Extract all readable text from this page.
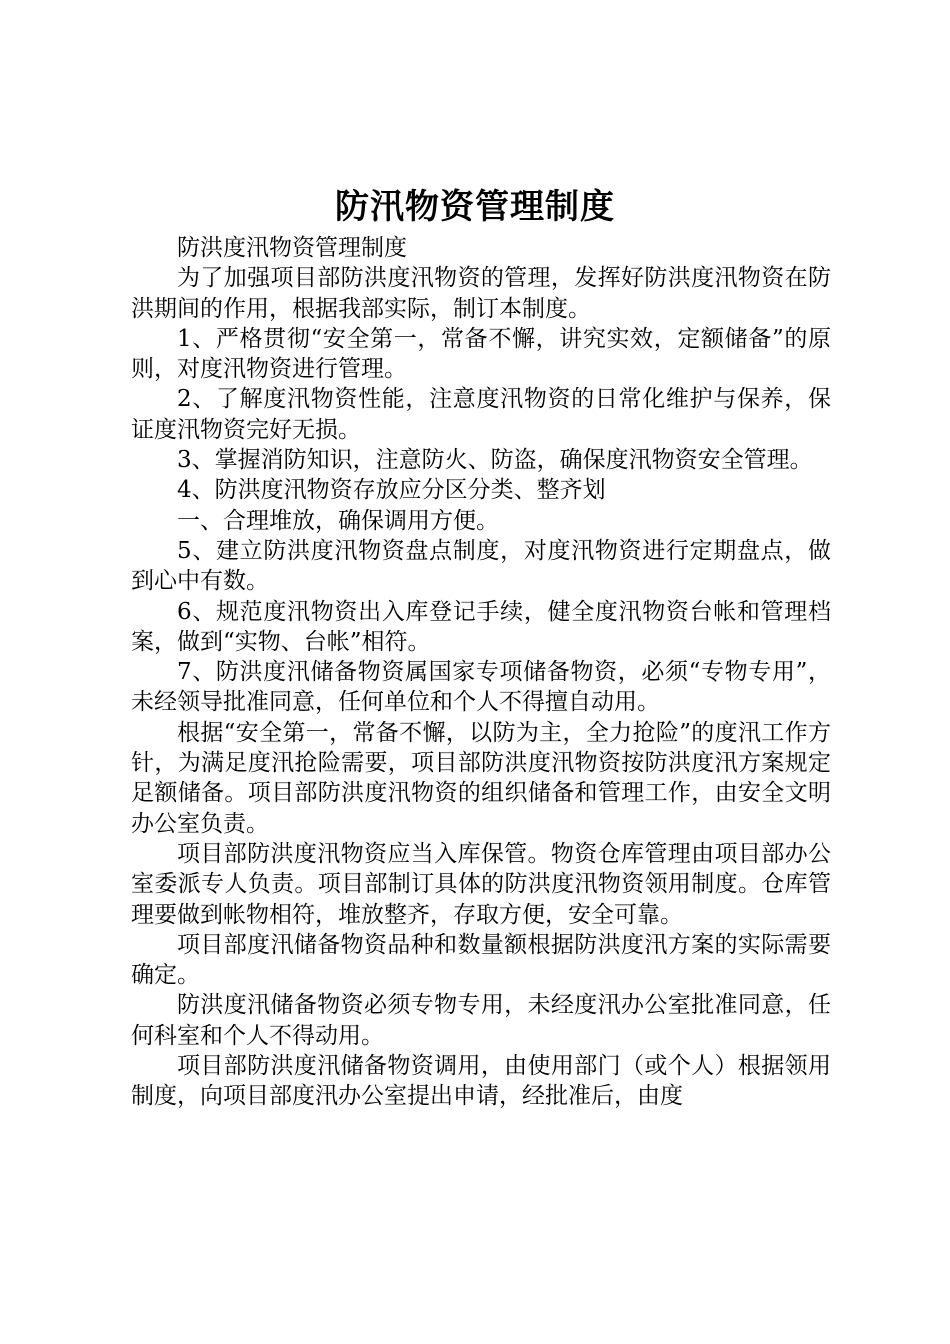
防汛物资管理制度

防洪度汛物资管理制度

为了加强项目部防洪度汛物资的管理，发挥好防洪度汛物资在防洪期间的作用，根据我部实际，制订本制度。

1、严格贯彻“安全第一，常备不懈，讲究实效，定额储备”的原则，对度汛物资进行管理。

2、了解度汛物资性能，注意度汛物资的日常化维护与保养，保证度汛物资完好无损。

3、掌握消防知识，注意防火、防盗，确保度汛物资安全管理。

4、防洪度汛物资存放应分区分类、整齐划

一、合理堆放，确保调用方便。

5、建立防洪度汛物资盘点制度，对度汛物资进行定期盘点，做到心中有数。

6、规范度汛物资出入库登记手续，健全度汛物资台帐和管理档案，做到“实物、台帐”相符。

7、防洪度汛储备物资属国家专项储备物资，必须“专物专用”，未经领导批准同意，任何单位和个人不得擅自动用。

根据“安全第一，常备不懈，以防为主，全力抢险”的度汛工作方针，为满足度汛抢险需要，项目部防洪度汛物资按防洪度汛方案规定足额储备。项目部防洪度汛物资的组织储备和管理工作，由安全文明办公室负责。

项目部防洪度汛物资应当入库保管。物资仓库管理由项目部办公室委派专人负责。项目部制订具体的防洪度汛物资领用制度。仓库管理要做到帐物相符，堆放整齐，存取方便，安全可靠。

项目部度汛储备物资品种和数量额根据防洪度汛方案的实际需要确定。

防洪度汛储备物资必须专物专用，未经度汛办公室批准同意，任何科室和个人不得动用。

项目部防洪度汛储备物资调用，由使用部门（或个人）根据领用制度，向项目部度汛办公室提出申请，经批准后，由度
